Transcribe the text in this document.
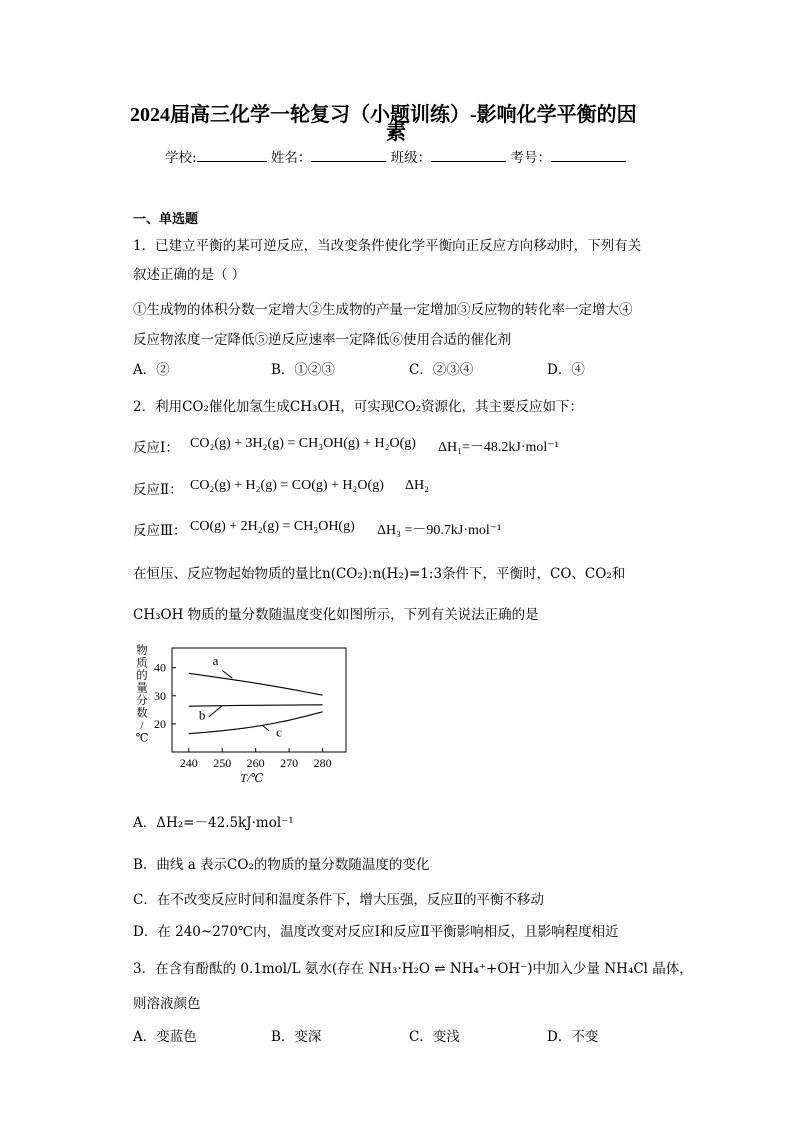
2024届高三化学一轮复习（小题训练）-影响化学平衡的因
素
学校:	姓名：	班级：	考号：
一、单选题
1．已建立平衡的某可逆反应，当改变条件使化学平衡向正反应方向移动时，下列有关
叙述正确的是（ ）
①生成物的体积分数一定增大②生成物的产量一定增加③反应物的转化率一定增大④
反应物浓度一定降低⑤逆反应速率一定降低⑥使用合适的催化剂
A．②	B．①②③	C．②③④	D．④
2．利用CO₂催化加氢生成CH₃OH，可实现CO₂资源化，其主要反应如下：
反应Ⅰ： CO₂(g) + 3H₂(g) = CH₃OH(g) + H₂O(g) ΔH₁=－48.2kJ·mol⁻¹
反应Ⅱ： CO₂(g) + H₂(g) = CO(g) + H₂O(g) ΔH₂
反应Ⅲ： CO(g) + 2H₂(g) = CH₃OH(g) ΔH₃ =－90.7kJ·mol⁻¹
在恒压、反应物起始物质的量比n(CO₂):n(H₂)=1:3条件下，平衡时，CO、CO₂和
CH₃OH 物质的量分数随温度变化如图所示，下列有关说法正确的是
物
质
的
量
分
数
/
℃
20
30
40
240 250 260 270 280
a
b
c
T/℃
A．ΔH₂=－42.5kJ·mol⁻¹
B．曲线 a 表示CO₂的物质的量分数随温度的变化
C．在不改变反应时间和温度条件下，增大压强，反应Ⅱ的平衡不移动
D．在 240~270℃内，温度改变对反应Ⅰ和反应Ⅱ平衡影响相反，且影响程度相近
3．在含有酚酞的 0.1mol/L 氨水(存在 NH₃·H₂O ⇌ NH₄⁺+OH⁻)中加入少量 NH₄Cl 晶体，
则溶液颜色
A．变蓝色	B．变深	C．变浅	D．不变
